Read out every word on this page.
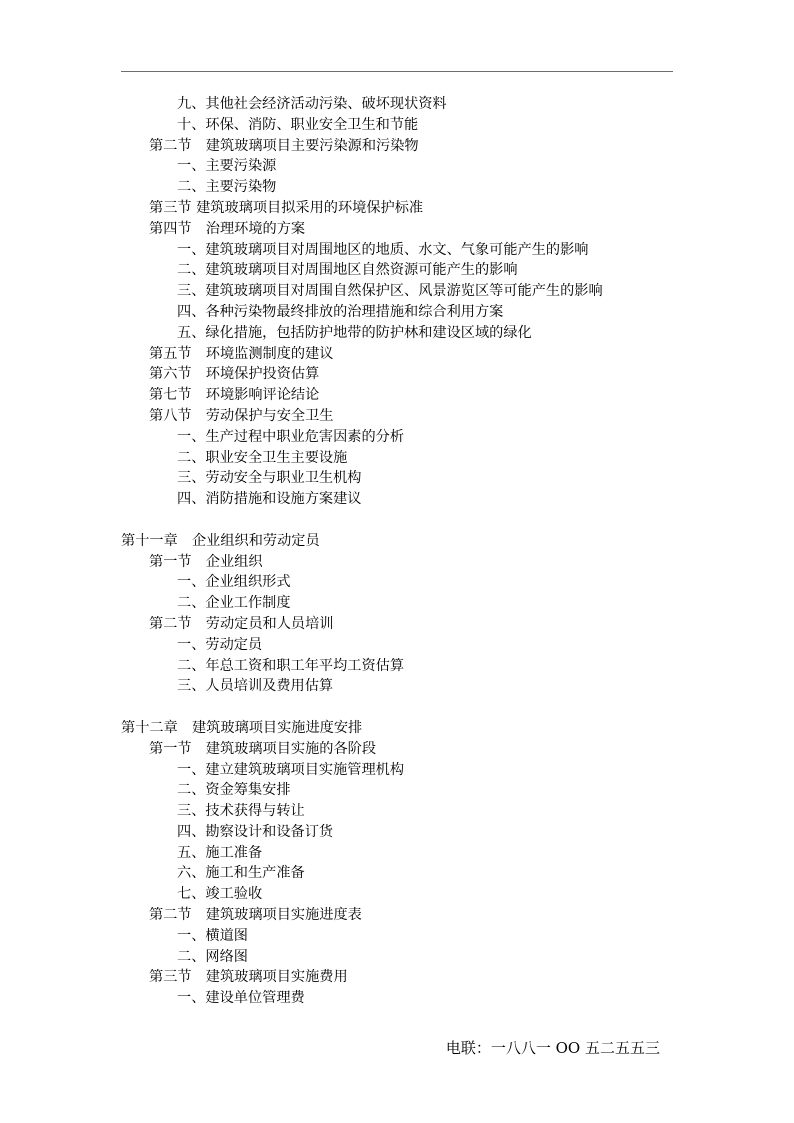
九、其他社会经济活动污染、破坏现状资料
十、环保、消防、职业安全卫生和节能
第二节　建筑玻璃项目主要污染源和污染物
一、主要污染源
二、主要污染物
第三节 建筑玻璃项目拟采用的环境保护标准
第四节　治理环境的方案
一、建筑玻璃项目对周围地区的地质、水文、气象可能产生的影响
二、建筑玻璃项目对周围地区自然资源可能产生的影响
三、建筑玻璃项目对周围自然保护区、风景游览区等可能产生的影响
四、各种污染物最终排放的治理措施和综合利用方案
五、绿化措施，包括防护地带的防护林和建设区域的绿化
第五节　环境监测制度的建议
第六节　环境保护投资估算
第七节　环境影响评论结论
第八节　劳动保护与安全卫生
一、生产过程中职业危害因素的分析
二、职业安全卫生主要设施
三、劳动安全与职业卫生机构
四、消防措施和设施方案建议
第十一章　企业组织和劳动定员
第一节　企业组织
一、企业组织形式
二、企业工作制度
第二节　劳动定员和人员培训
一、劳动定员
二、年总工资和职工年平均工资估算
三、人员培训及费用估算
第十二章　建筑玻璃项目实施进度安排
第一节　建筑玻璃项目实施的各阶段
一、建立建筑玻璃项目实施管理机构
二、资金筹集安排
三、技术获得与转让
四、勘察设计和设备订货
五、施工准备
六、施工和生产准备
七、竣工验收
第二节　建筑玻璃项目实施进度表
一、横道图
二、网络图
第三节　建筑玻璃项目实施费用
一、建设单位管理费
电联：一八八一 OO 五二五五三
